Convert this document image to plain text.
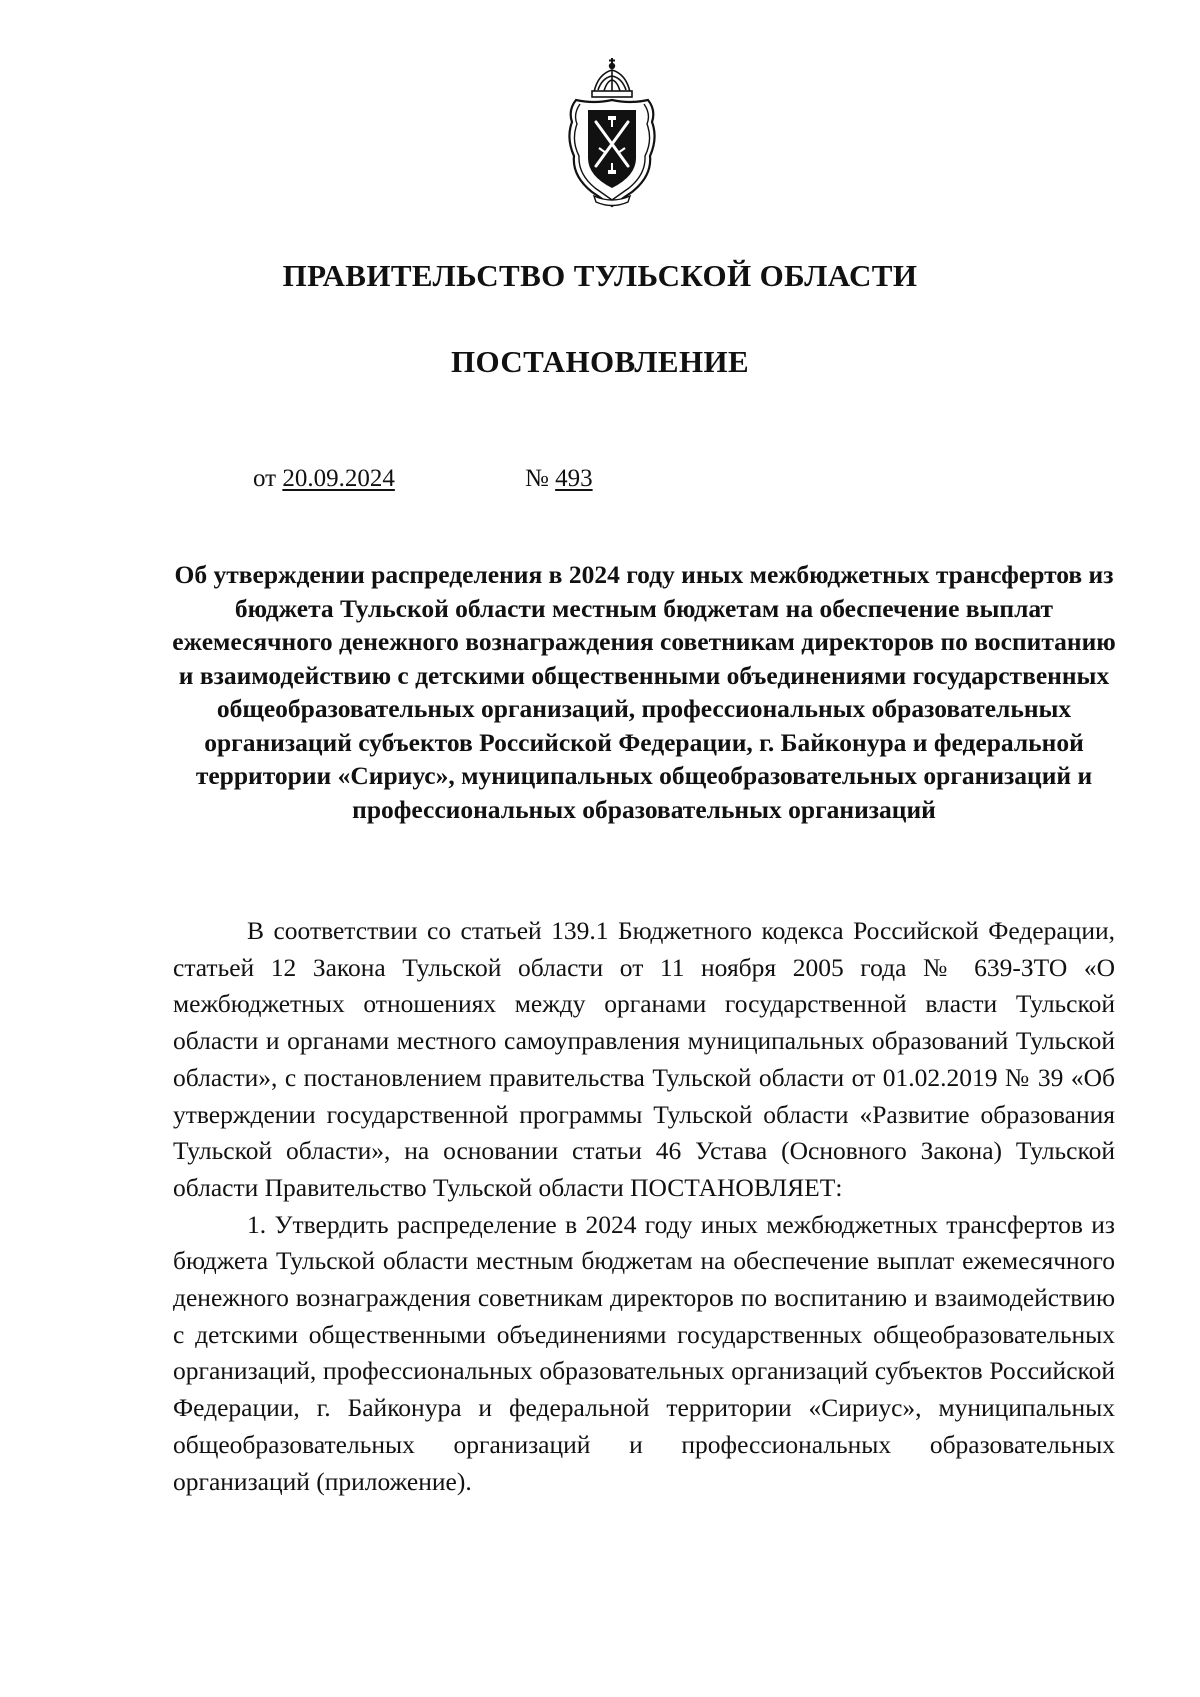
ПРАВИТЕЛЬСТВО ТУЛЬСКОЙ ОБЛАСТИ
ПОСТАНОВЛЕНИЕ
от 20.09.2024	№ 493
Об утверждении распределения в 2024 году иных межбюджетных трансфертов из бюджета Тульской области местным бюджетам на обеспечение выплат ежемесячного денежного вознаграждения советникам директоров по воспитанию и взаимодействию с детскими общественными объединениями государственных общеобразовательных организаций, профессиональных образовательных организаций субъектов Российской Федерации, г. Байконура и федеральной территории «Сириус», муниципальных общеобразовательных организаций и профессиональных образовательных организаций

В соответствии со статьей 139.1 Бюджетного кодекса Российской Федерации, статьей 12 Закона Тульской области от 11 ноября 2005 года № 639-ЗТО «О межбюджетных отношениях между органами государственной власти Тульской области и органами местного самоуправления муниципальных образований Тульской области», с постановлением правительства Тульской области от 01.02.2019 № 39 «Об утверждении государственной программы Тульской области «Развитие образования Тульской области», на основании статьи 46 Устава (Основного Закона) Тульской области Правительство Тульской области ПОСТАНОВЛЯЕТ:

1. Утвердить распределение в 2024 году иных межбюджетных трансфертов из бюджета Тульской области местным бюджетам на обеспечение выплат ежемесячного денежного вознаграждения советникам директоров по воспитанию и взаимодействию с детскими общественными объединениями государственных общеобразовательных организаций, профессиональных образовательных организаций субъектов Российской Федерации, г. Байконура и федеральной территории «Сириус», муниципальных общеобразовательных организаций и профессиональных образовательных организаций (приложение).
